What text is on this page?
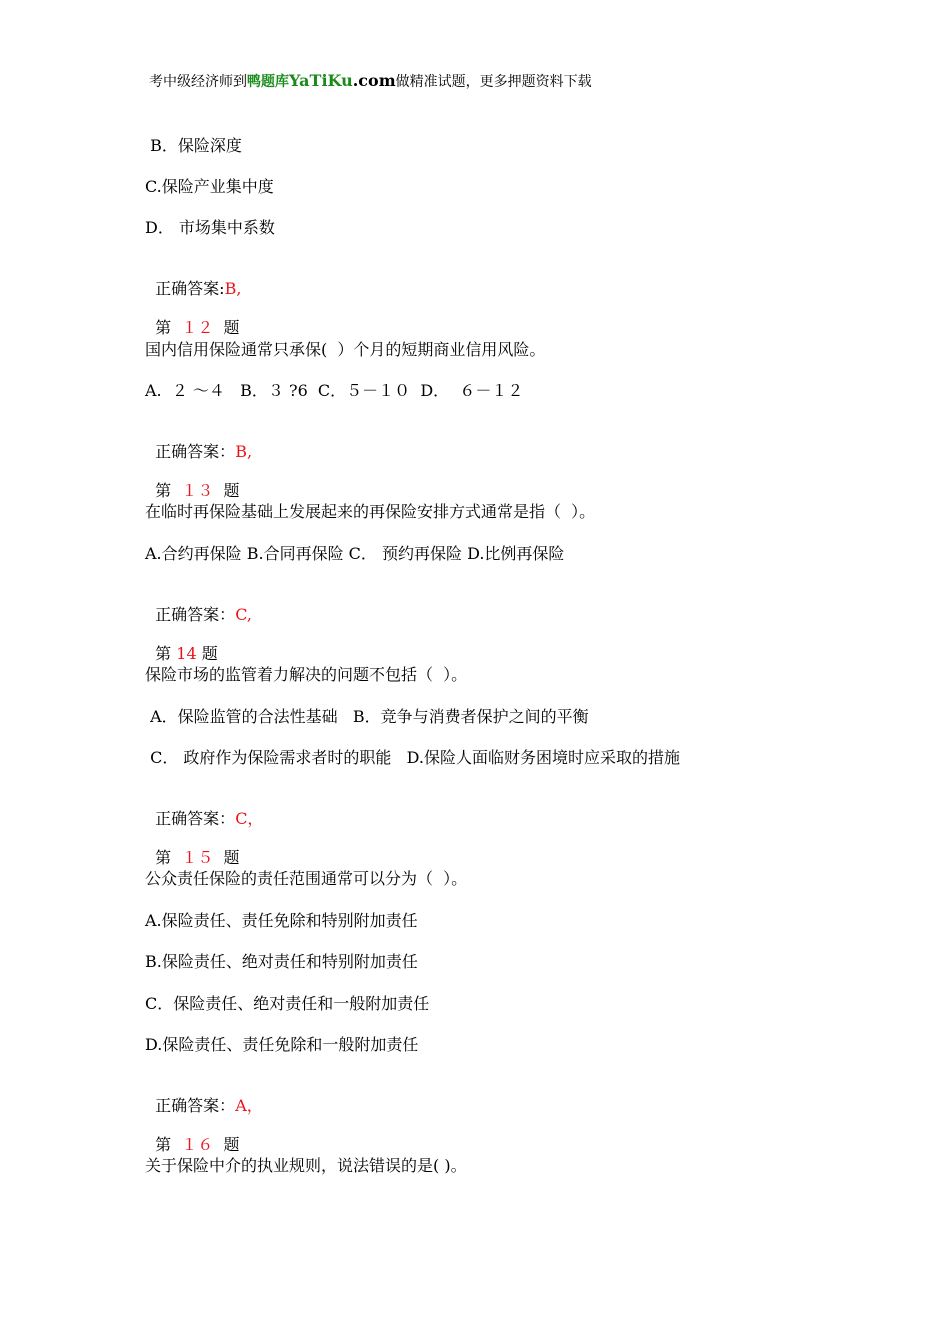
考中级经济师到鸭题库YaTiKu.com做精准试题，更多押题资料下载
B．保险深度
C.保险产业集中度
D． 市场集中系数

正确答案:B,

第  １２  题

国内信用保险通常只承保(  ）个月的短期商业信用风险。
A.  ２ ～４   B．３ ?6  C．５－１０  D．  ６－１２

正确答案：B,

第  １３  题

在临时再保险基础上发展起来的再保险安排方式通常是指（  ）。
A.合约再保险 B.合同再保险 C． 预约再保险 D.比例再保险

正确答案：C,

第 14 题

保险市场的监管着力解决的问题不包括（  ）。
A．保险监管的合法性基础   B．竞争与消费者保护之间的平衡
C． 政府作为保险需求者时的职能   D.保险人面临财务困境时应采取的措施

正确答案：C，

第  １５  题

公众责任保险的责任范围通常可以分为（  ）。
A.保险责任、责任免除和特别附加责任
B.保险责任、绝对责任和特别附加责任
C．保险责任、绝对责任和一般附加责任
D.保险责任、责任免除和一般附加责任

正确答案：A，

第  １６  题

关于保险中介的执业规则，说法错误的是( )。
